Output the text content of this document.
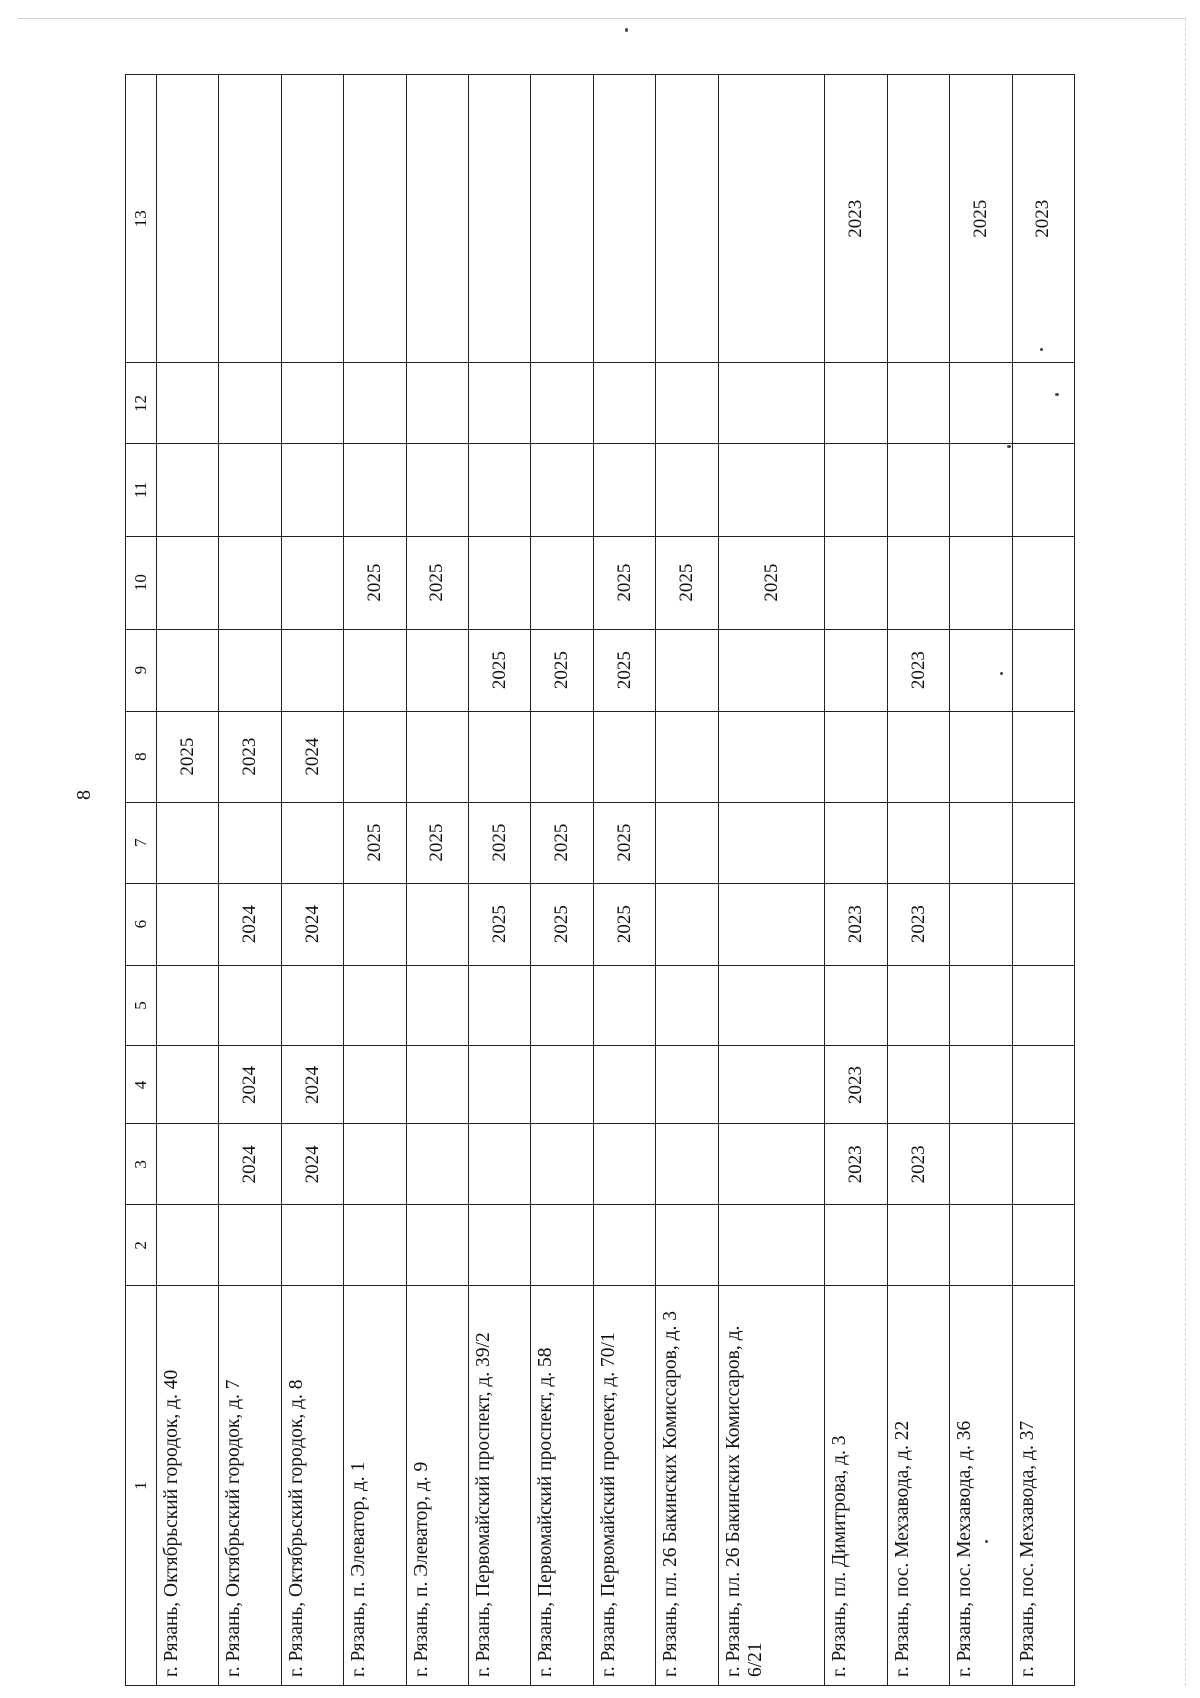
8
1	2	3	4	5	6	7	8	9	10	11	12	13
г. Рязань, Октябрьский городок, д. 40							2025					
г. Рязань, Октябрьский городок, д. 7		2024	2024		2024		2023					
г. Рязань, Октябрьский городок, д. 8		2024	2024		2024		2024					
г. Рязань, п. Элеватор, д. 1						2025			2025			
г. Рязань, п. Элеватор, д. 9						2025			2025			
г. Рязань, Первомайский проспект, д. 39/2					2025	2025		2025				
г. Рязань, Первомайский проспект, д. 58					2025	2025		2025				
г. Рязань, Первомайский проспект, д. 70/1					2025	2025		2025	2025			
г. Рязань, пл. 26 Бакинских Комиссаров, д. 3									2025			
г. Рязань, пл. 26 Бакинских Комиссаров, д. 6/21									2025			
г. Рязань, пл. Димитрова, д. 3		2023	2023		2023							2023
г. Рязань, пос. Мехзавода, д. 22		2023			2023			2023				
г. Рязань, пос. Мехзавода, д. 36												2025
г. Рязань, пос. Мехзавода, д. 37												2023
